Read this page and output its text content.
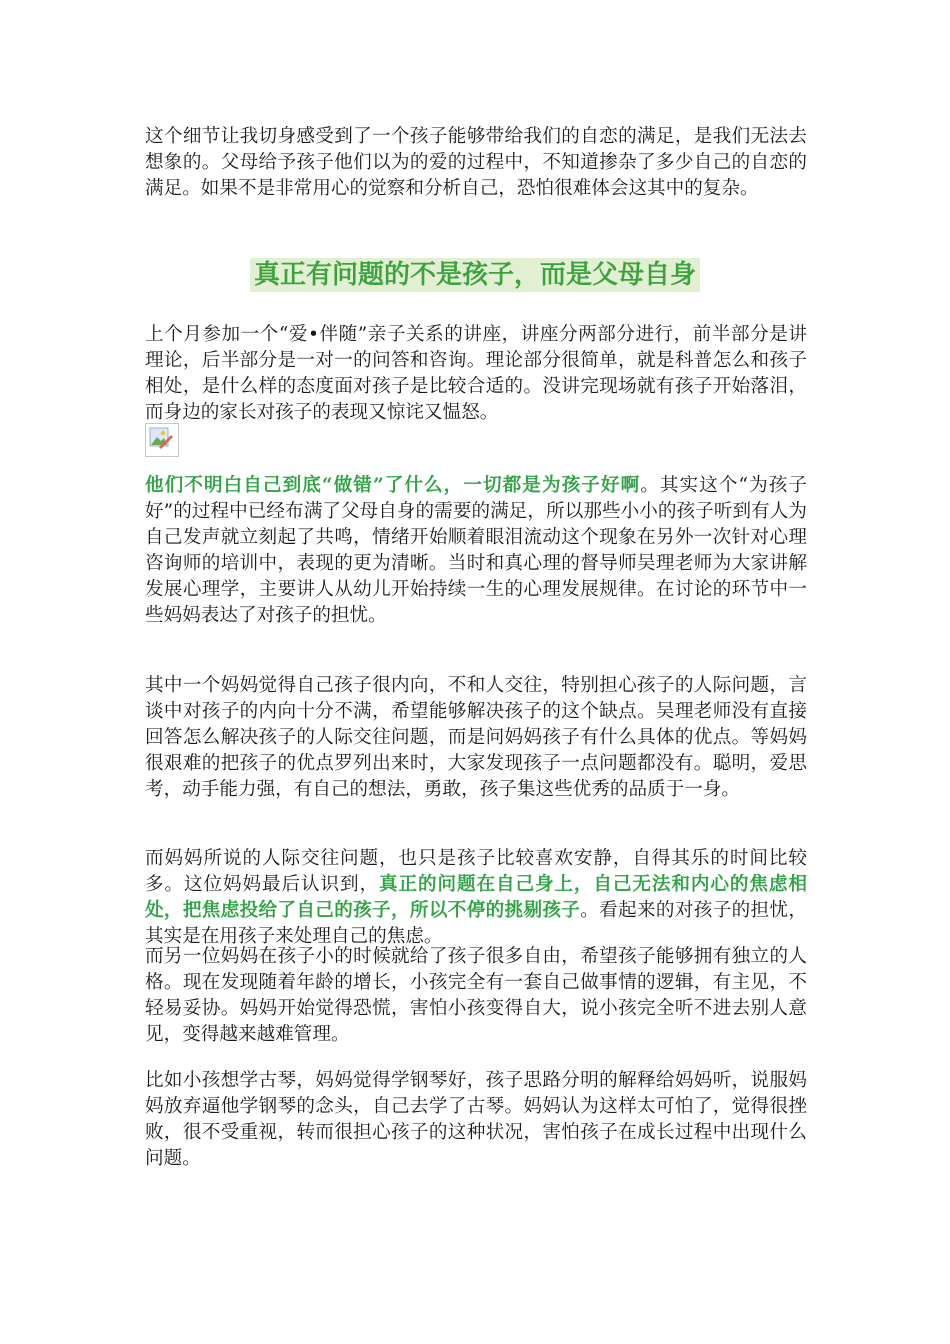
这个细节让我切身感受到了一个孩子能够带给我们的自恋的满足，是我们无法去想象的。父母给予孩子他们以为的爱的过程中，不知道掺杂了多少自己的自恋的满足。如果不是非常用心的觉察和分析自己，恐怕很难体会这其中的复杂。

真正有问题的不是孩子，而是父母自身

上个月参加一个“爱•伴随”亲子关系的讲座，讲座分两部分进行，前半部分是讲理论，后半部分是一对一的问答和咨询。理论部分很简单，就是科普怎么和孩子相处，是什么样的态度面对孩子是比较合适的。没讲完现场就有孩子开始落泪，而身边的家长对孩子的表现又惊诧又愠怒。

他们不明白自己到底“做错”了什么，一切都是为孩子好啊。其实这个“为孩子好”的过程中已经布满了父母自身的需要的满足，所以那些小小的孩子听到有人为自己发声就立刻起了共鸣，情绪开始顺着眼泪流动这个现象在另外一次针对心理咨询师的培训中，表现的更为清晰。当时和真心理的督导师吴理老师为大家讲解发展心理学，主要讲人从幼儿开始持续一生的心理发展规律。在讨论的环节中一些妈妈表达了对孩子的担忧。

其中一个妈妈觉得自己孩子很内向，不和人交往，特别担心孩子的人际问题，言谈中对孩子的内向十分不满，希望能够解决孩子的这个缺点。吴理老师没有直接回答怎么解决孩子的人际交往问题，而是问妈妈孩子有什么具体的优点。等妈妈很艰难的把孩子的优点罗列出来时，大家发现孩子一点问题都没有。聪明，爱思考，动手能力强，有自己的想法，勇敢，孩子集这些优秀的品质于一身。

而妈妈所说的人际交往问题，也只是孩子比较喜欢安静，自得其乐的时间比较多。这位妈妈最后认识到，真正的问题在自己身上，自己无法和内心的焦虑相处，把焦虑投给了自己的孩子，所以不停的挑剔孩子。看起来的对孩子的担忧，其实是在用孩子来处理自己的焦虑。

而另一位妈妈在孩子小的时候就给了孩子很多自由，希望孩子能够拥有独立的人格。现在发现随着年龄的增长，小孩完全有一套自己做事情的逻辑，有主见，不轻易妥协。妈妈开始觉得恐慌，害怕小孩变得自大，说小孩完全听不进去别人意见，变得越来越难管理。

比如小孩想学古琴，妈妈觉得学钢琴好，孩子思路分明的解释给妈妈听，说服妈妈放弃逼他学钢琴的念头，自己去学了古琴。妈妈认为这样太可怕了，觉得很挫败，很不受重视，转而很担心孩子的这种状况，害怕孩子在成长过程中出现什么问题。
